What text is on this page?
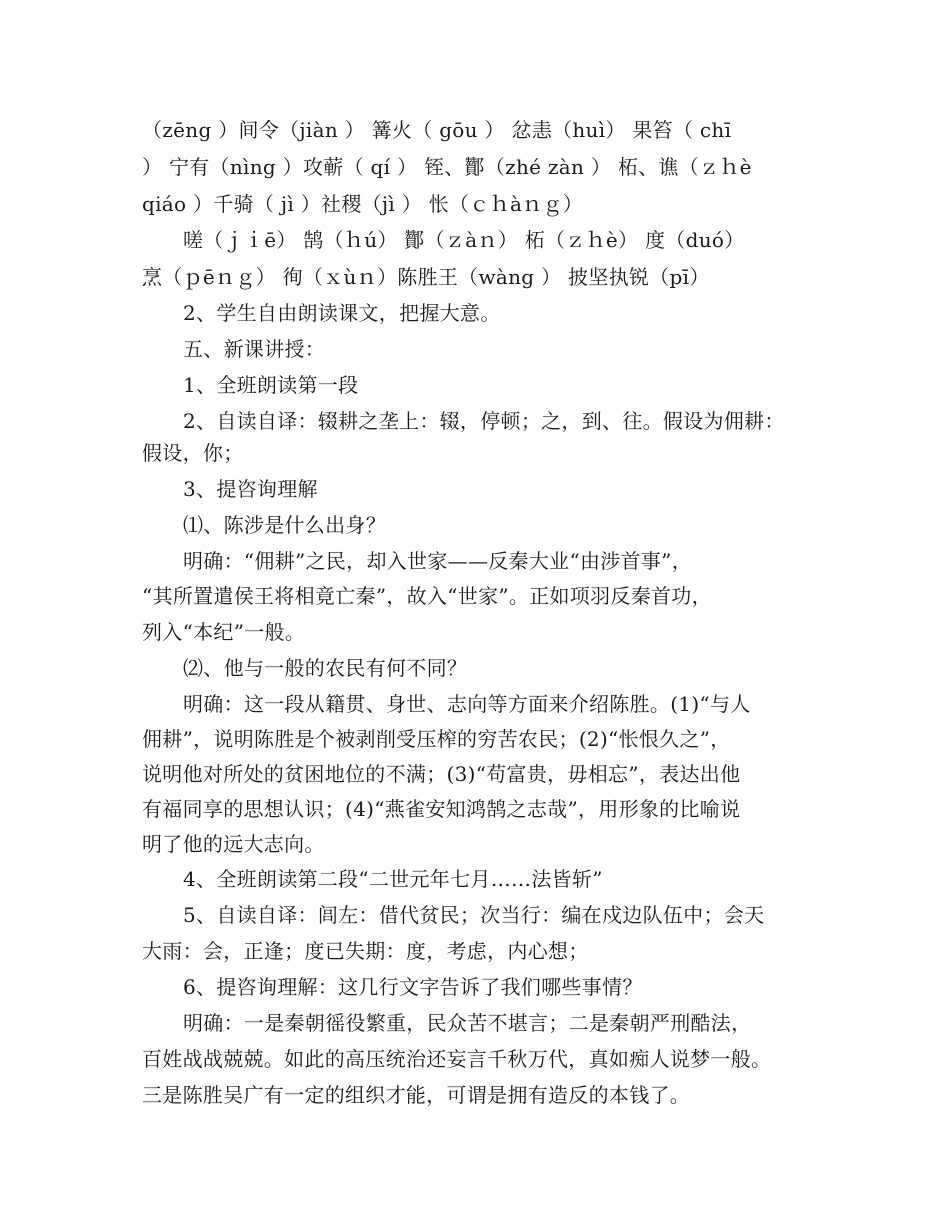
（zēng ）间令（jiàn ） 篝火（ gōu ） 忿恚（huì） 果笞（ chī
） 宁有（nìng ）攻蕲（ qí ） 铚、酇（zhé zàn ） 柘、谯（ｚｈè
qiáo ）千骑（ jì ）社稷（jì ） 怅（ｃｈàｎｇ）
嗟（ｊｉē） 鹄（ｈú） 酇（ｚàｎ） 柘（ｚｈè） 度（duó）
烹（ｐēｎｇ） 徇（ｘùｎ）陈胜王（wàng ） 披坚执锐（pī）
2、学生自由朗读课文，把握大意。
五、新课讲授：
1、全班朗读第一段
2、自读自译：辍耕之垄上：辍，停顿；之，到、往。假设为佣耕：
假设，你；
3、提咨询理解
⑴、陈涉是什么出身？
明确：“佣耕”之民，却入世家——反秦大业“由涉首事”，
“其所置遣侯王将相竟亡秦”，故入“世家”。正如项羽反秦首功，
列入“本纪”一般。
⑵、他与一般的农民有何不同？
明确：这一段从籍贯、身世、志向等方面来介绍陈胜。(1)“与人
佣耕”，说明陈胜是个被剥削受压榨的穷苦农民；(2)“怅恨久之”，
说明他对所处的贫困地位的不满；(3)“苟富贵，毋相忘”，表达出他
有福同享的思想认识；(4)“燕雀安知鸿鹄之志哉”，用形象的比喻说
明了他的远大志向。
4、全班朗读第二段“二世元年七月……法皆斩”
5、自读自译：闾左：借代贫民；次当行：编在戍边队伍中；会天
大雨：会，正逢；度已失期：度，考虑，内心想；
6、提咨询理解：这几行文字告诉了我们哪些事情？
明确：一是秦朝徭役繁重，民众苦不堪言；二是秦朝严刑酷法，
百姓战战兢兢。如此的高压统治还妄言千秋万代，真如痴人说梦一般。
三是陈胜吴广有一定的组织才能，可谓是拥有造反的本钱了。
